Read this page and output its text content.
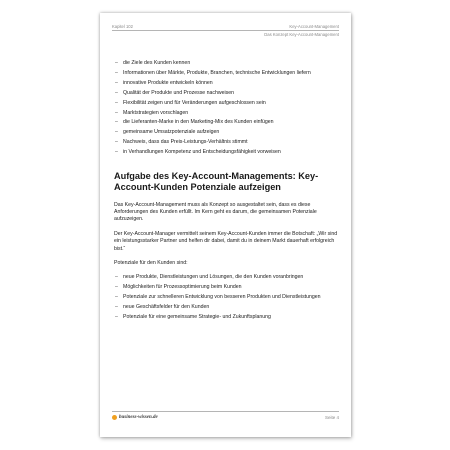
Kapitel 102	Key-Account-Management
Das Konzept Key-Account-Management
– die Ziele des Kunden kennen
– Informationen über Märkte, Produkte, Branchen, technische Entwicklungen liefern
– innovative Produkte entwickeln können
– Qualität der Produkte und Prozesse nachweisen
– Flexibilität zeigen und für Veränderungen aufgeschlossen sein
– Marktstrategien vorschlagen
– die Lieferanten-Marke in den Marketing-Mix des Kunden einfügen
– gemeinsame Umsatzpotenziale aufzeigen
– Nachweis, dass das Preis-Leistungs-Verhältnis stimmt
– in Verhandlungen Kompetenz und Entscheidungsfähigkeit vorweisen
Aufgabe des Key-Account-Managements: Key-Account-Kunden Potenziale aufzeigen

Das Key-Account-Management muss als Konzept so ausgestaltet sein, dass es diese Anforderungen des Kunden erfüllt. Im Kern geht es darum, die gemeinsamen Potenziale aufzuzeigen.

Der Key-Account-Manager vermittelt seinem Key-Account-Kunden immer die Botschaft: „Wir sind ein leistungsstarker Partner und helfen dir dabei, damit du in deinem Markt dauerhaft erfolgreich bist.“

Potenziale für den Kunden sind:

– neue Produkte, Dienstleistungen und Lösungen, die den Kunden voranbringen
– Möglichkeiten für Prozessoptimierung beim Kunden
– Potenziale zur schnelleren Entwicklung von besseren Produkten und Dienstleistungen
– neue Geschäftsfelder für den Kunden
– Potenziale für eine gemeinsame Strategie- und Zukunftsplanung
business-wissen.de	Seite 4
